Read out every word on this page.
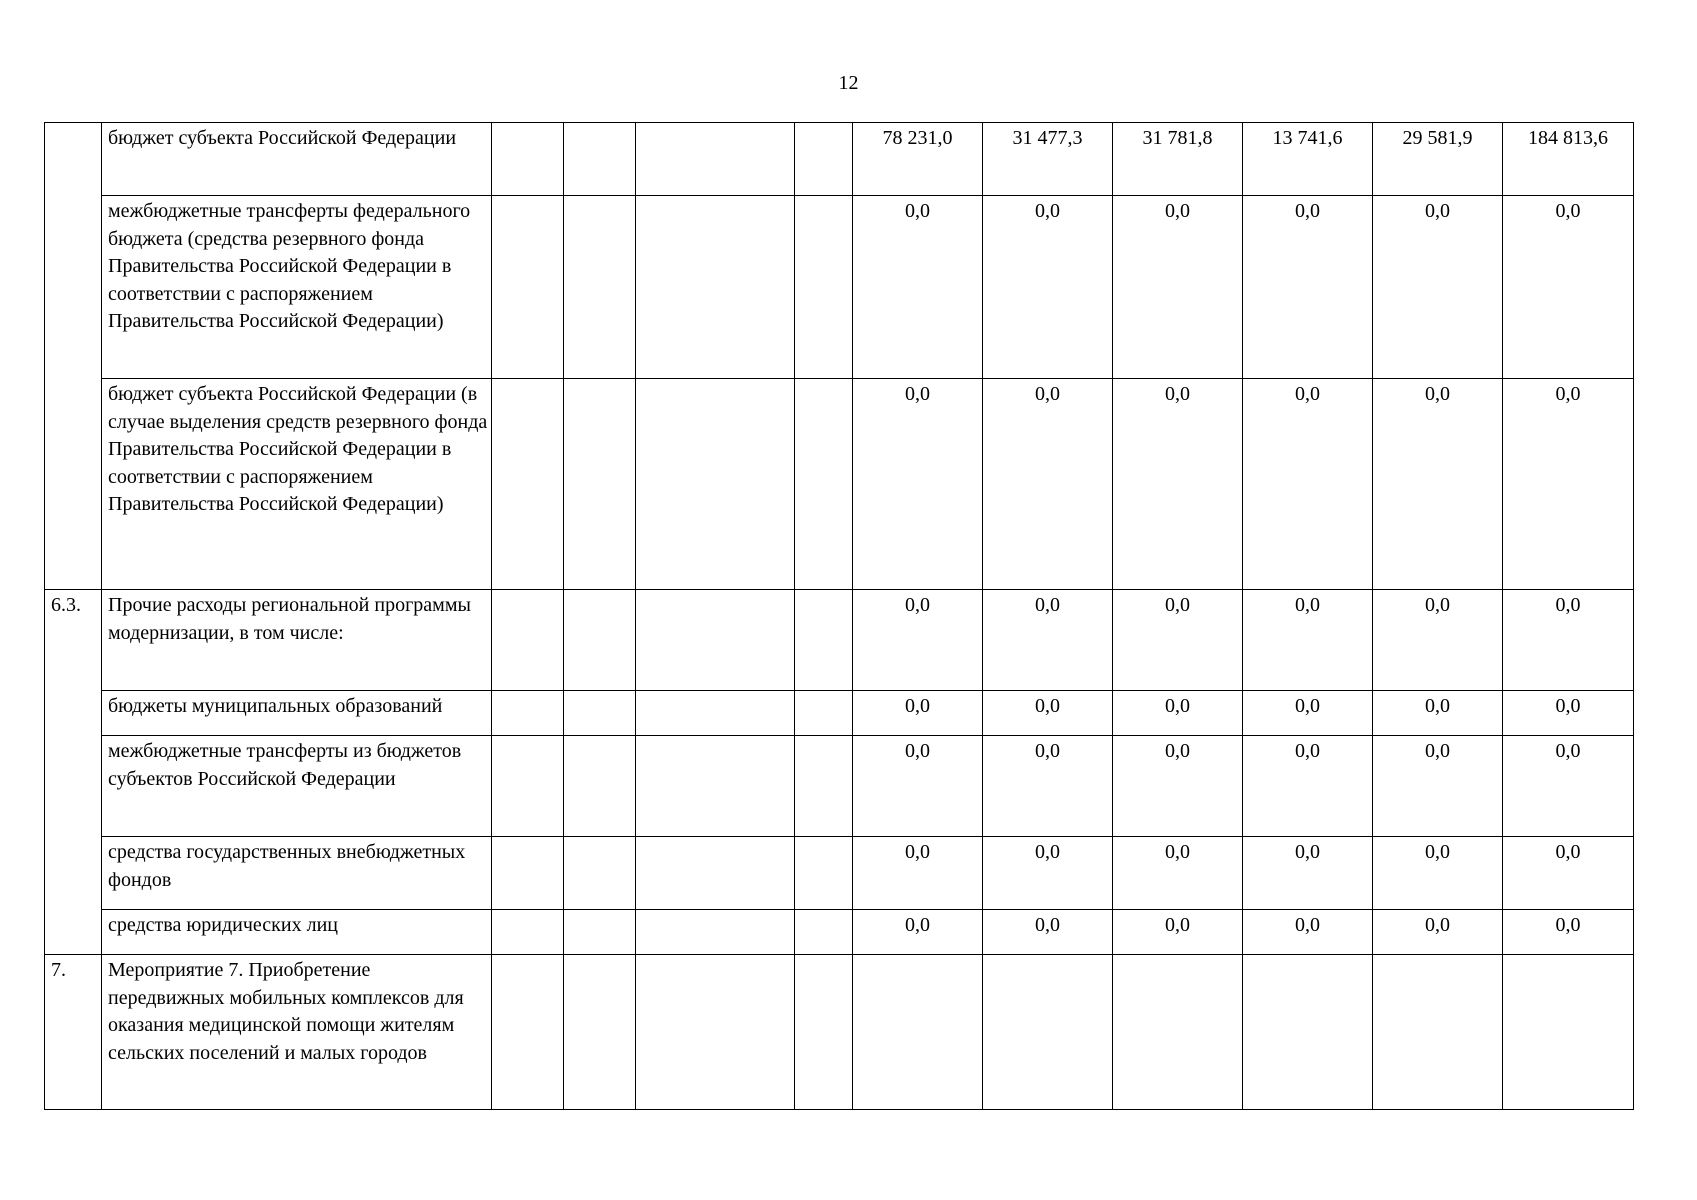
12
	бюджет субъекта Российской Федерации					78 231,0	31 477,3	31 781,8	13 741,6	29 581,9	184 813,6
	межбюджетные трансферты федерального бюджета (средства резервного фонда Правительства Российской Федерации в соответствии с распоряжением Правительства Российской Федерации)					0,0	0,0	0,0	0,0	0,0	0,0
	бюджет субъекта Российской Федерации (в случае выделения средств резервного фонда Правительства Российской Федерации в соответствии с распоряжением Правительства Российской Федерации)					0,0	0,0	0,0	0,0	0,0	0,0
6.3.	Прочие расходы региональной программы модернизации, в том числе:					0,0	0,0	0,0	0,0	0,0	0,0
	бюджеты муниципальных образований					0,0	0,0	0,0	0,0	0,0	0,0
	межбюджетные трансферты из бюджетов субъектов Российской Федерации					0,0	0,0	0,0	0,0	0,0	0,0
	средства государственных внебюджетных фондов					0,0	0,0	0,0	0,0	0,0	0,0
	средства юридических лиц					0,0	0,0	0,0	0,0	0,0	0,0
7.	Мероприятие 7. Приобретение передвижных мобильных комплексов для оказания медицинской помощи жителям сельских поселений и малых городов										
